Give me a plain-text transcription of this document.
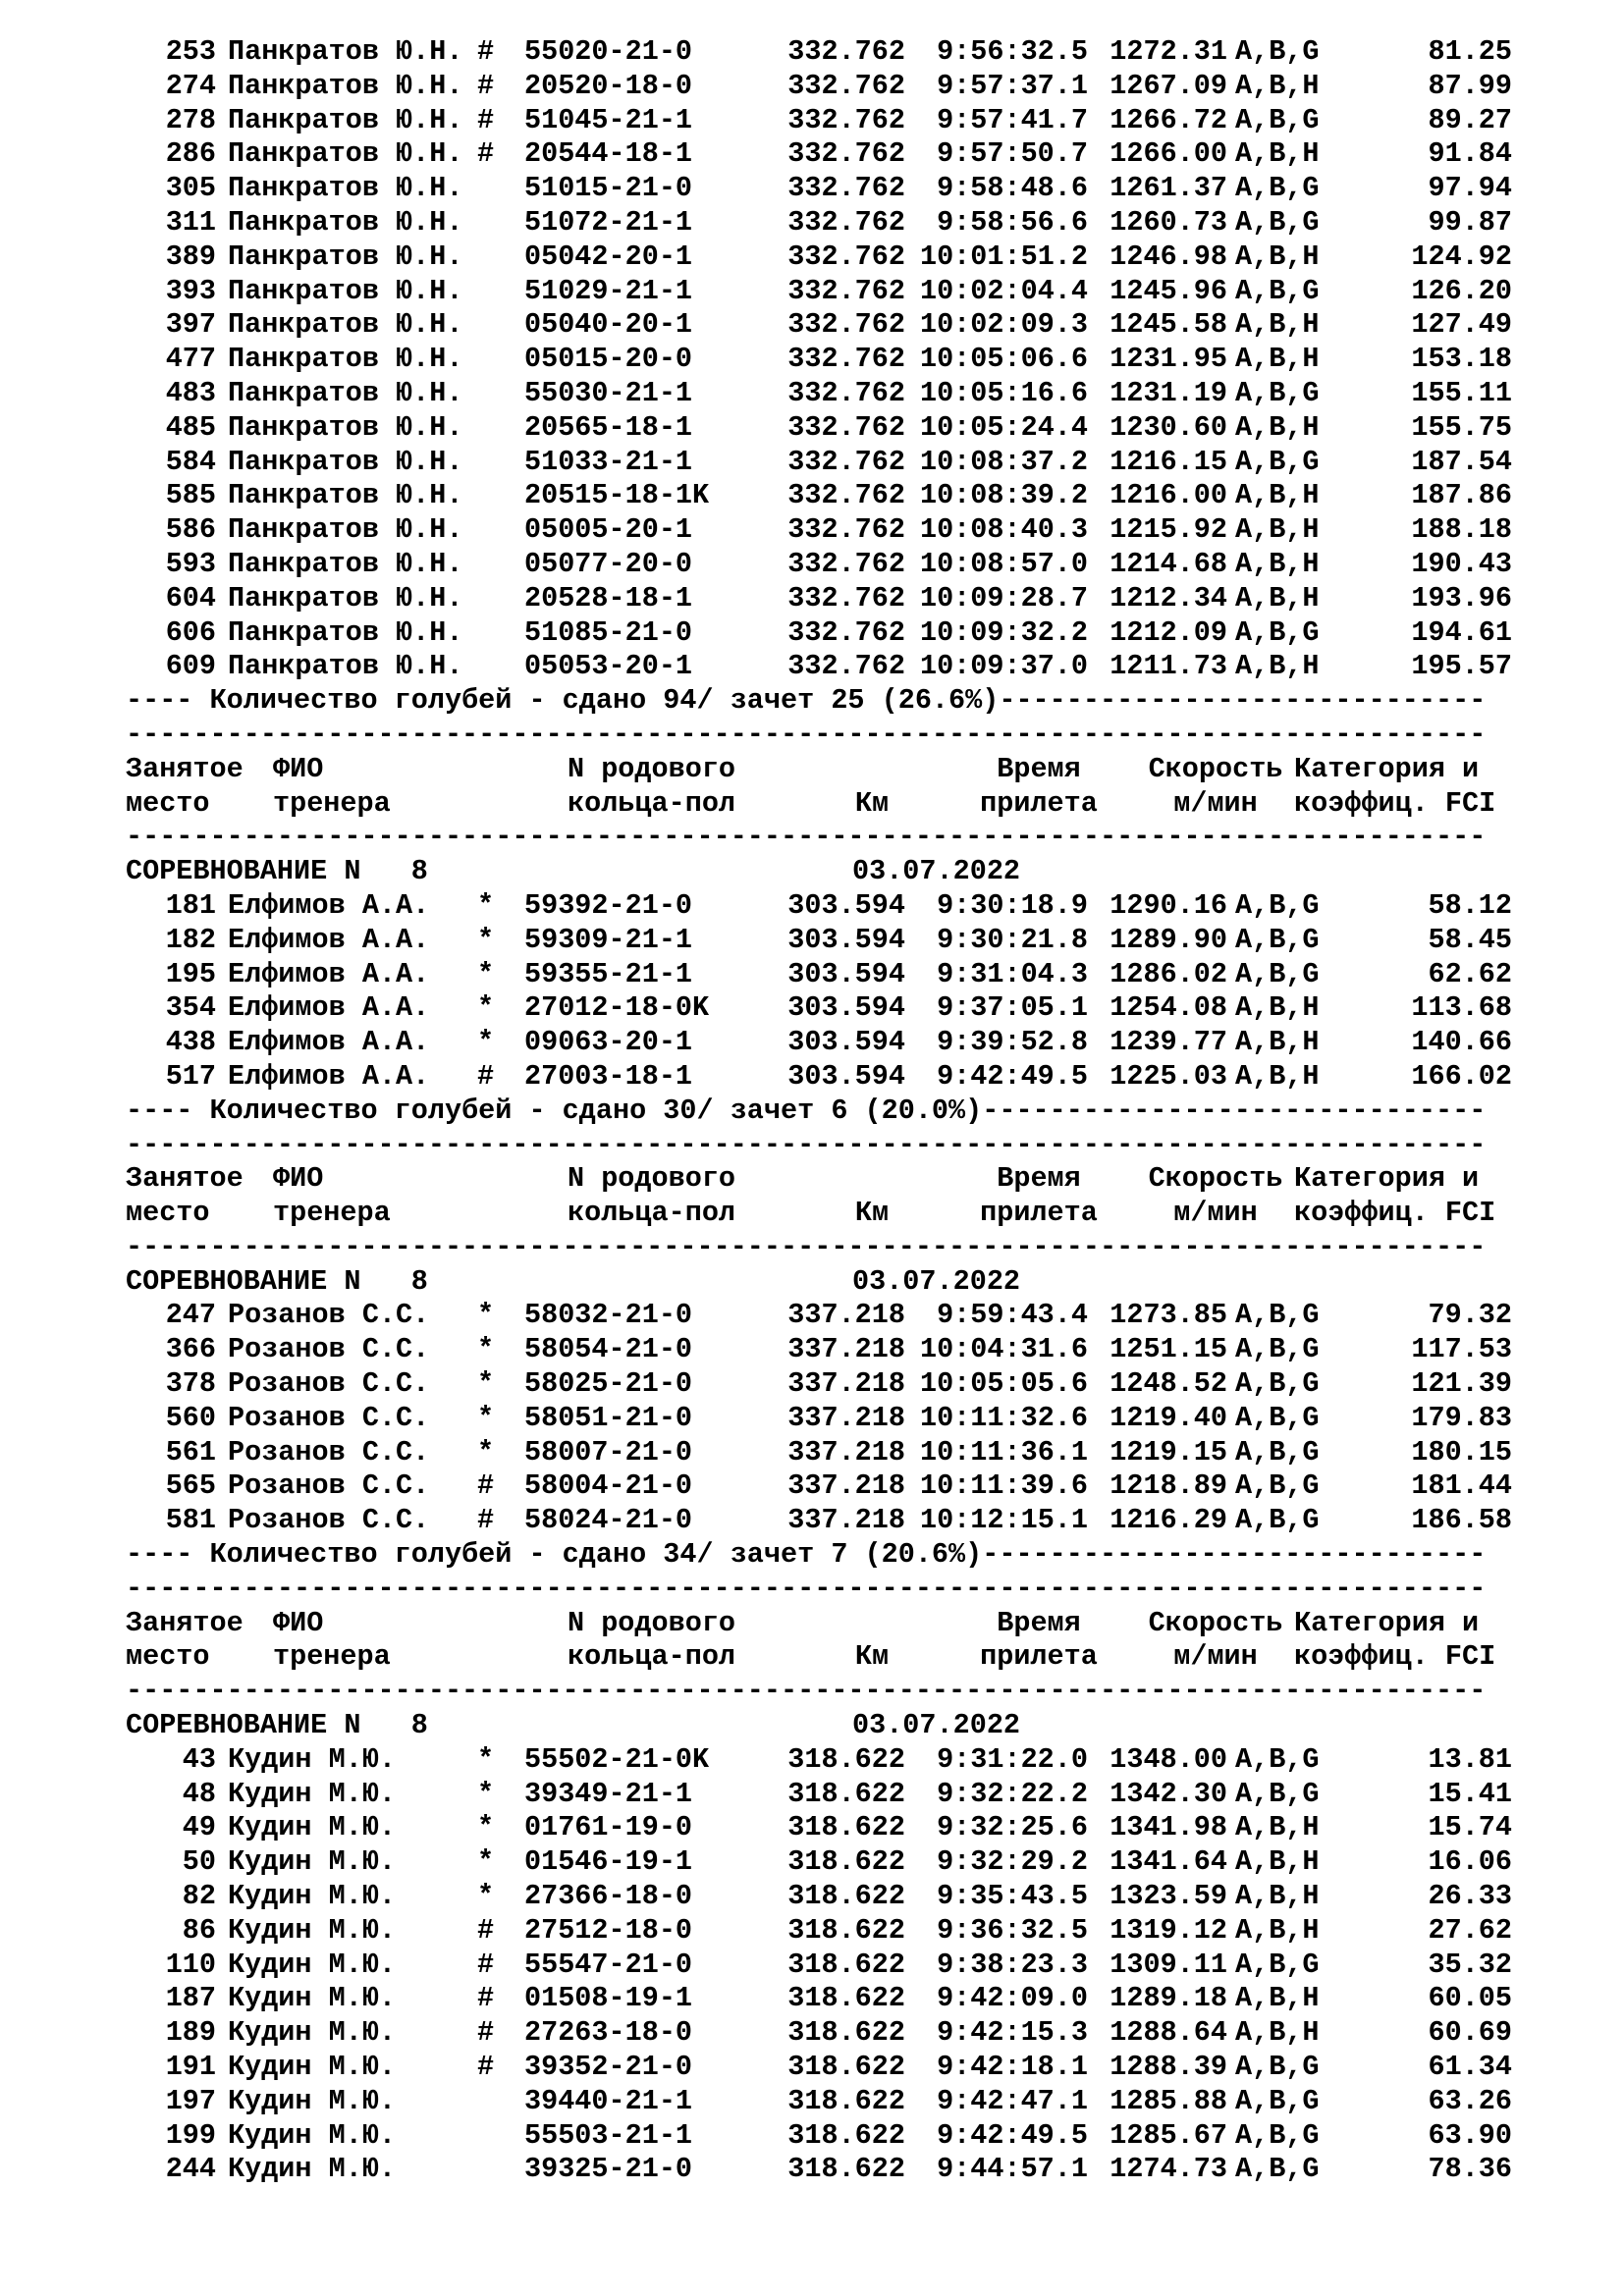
253 Панкратов Ю.Н. # 55020-21-0	332.762 9:56:32.5 1272.31 A,B,G	81.25
274 Панкратов Ю.Н. # 20520-18-0	332.762 9:57:37.1 1267.09 A,B,H	87.99
278 Панкратов Ю.Н. # 51045-21-1	332.762 9:57:41.7 1266.72 A,B,G	89.27
286 Панкратов Ю.Н. # 20544-18-1	332.762 9:57:50.7 1266.00 A,B,H	91.84
305 Панкратов Ю.Н. 51015-21-0	332.762 9:58:48.6 1261.37 A,B,G	97.94
311 Панкратов Ю.Н. 51072-21-1	332.762 9:58:56.6 1260.73 A,B,G	99.87
389 Панкратов Ю.Н. 05042-20-1	332.762 10:01:51.2 1246.98 A,B,H	124.92
393 Панкратов Ю.Н. 51029-21-1	332.762 10:02:04.4 1245.96 A,B,G	126.20
397 Панкратов Ю.Н. 05040-20-1	332.762 10:02:09.3 1245.58 A,B,H	127.49
477 Панкратов Ю.Н. 05015-20-0	332.762 10:05:06.6 1231.95 A,B,H	153.18
483 Панкратов Ю.Н. 55030-21-1	332.762 10:05:16.6 1231.19 A,B,G	155.11
485 Панкратов Ю.Н. 20565-18-1	332.762 10:05:24.4 1230.60 A,B,H	155.75
584 Панкратов Ю.Н. 51033-21-1	332.762 10:08:37.2 1216.15 A,B,G	187.54
585 Панкратов Ю.Н. 20515-18-1K	332.762 10:08:39.2 1216.00 A,B,H	187.86
586 Панкратов Ю.Н. 05005-20-1	332.762 10:08:40.3 1215.92 A,B,H	188.18
593 Панкратов Ю.Н. 05077-20-0	332.762 10:08:57.0 1214.68 A,B,H	190.43
604 Панкратов Ю.Н. 20528-18-1	332.762 10:09:28.7 1212.34 A,B,H	193.96
606 Панкратов Ю.Н. 51085-21-0	332.762 10:09:32.2 1212.09 A,B,G	194.61
609 Панкратов Ю.Н. 05053-20-1	332.762 10:09:37.0 1211.73 A,B,H	195.57
---- Количество голубей - сдано 94/ зачет 25 (26.6%)-----------------------------
---------------------------------------------------------------------------------
Занятое ФИО	N родового	Время Скорость Категория и
место тренера	кольца-пол	Км	прилета	м/мин коэффиц. FCI
---------------------------------------------------------------------------------
СОРЕВНОВАНИЕ N   8	03.07.2022
181 Елфимов А.А. * 59392-21-0	303.594 9:30:18.9 1290.16 A,B,G	58.12
182 Елфимов А.А. * 59309-21-1	303.594 9:30:21.8 1289.90 A,B,G	58.45
195 Елфимов А.А. * 59355-21-1	303.594 9:31:04.3 1286.02 A,B,G	62.62
354 Елфимов А.А. * 27012-18-0K	303.594 9:37:05.1 1254.08 A,B,H	113.68
438 Елфимов А.А. * 09063-20-1	303.594 9:39:52.8 1239.77 A,B,H	140.66
517 Елфимов А.А. # 27003-18-1	303.594 9:42:49.5 1225.03 A,B,H	166.02
---- Количество голубей - сдано 30/ зачет 6 (20.0%)------------------------------
---------------------------------------------------------------------------------
Занятое ФИО	N родового	Время Скорость Категория и
место тренера	кольца-пол	Км	прилета	м/мин коэффиц. FCI
---------------------------------------------------------------------------------
СОРЕВНОВАНИЕ N   8	03.07.2022
247 Розанов С.С. * 58032-21-0	337.218 9:59:43.4 1273.85 A,B,G	79.32
366 Розанов С.С. * 58054-21-0	337.218 10:04:31.6 1251.15 A,B,G	117.53
378 Розанов С.С. * 58025-21-0	337.218 10:05:05.6 1248.52 A,B,G	121.39
560 Розанов С.С. * 58051-21-0	337.218 10:11:32.6 1219.40 A,B,G	179.83
561 Розанов С.С. * 58007-21-0	337.218 10:11:36.1 1219.15 A,B,G	180.15
565 Розанов С.С. # 58004-21-0	337.218 10:11:39.6 1218.89 A,B,G	181.44
581 Розанов С.С. # 58024-21-0	337.218 10:12:15.1 1216.29 A,B,G	186.58
---- Количество голубей - сдано 34/ зачет 7 (20.6%)------------------------------
---------------------------------------------------------------------------------
Занятое ФИО	N родового	Время Скорость Категория и
место тренера	кольца-пол	Км	прилета	м/мин коэффиц. FCI
---------------------------------------------------------------------------------
СОРЕВНОВАНИЕ N   8	03.07.2022
43 Кудин М.Ю.	* 55502-21-0K	318.622 9:31:22.0 1348.00 A,B,G	13.81
48 Кудин М.Ю.	* 39349-21-1	318.622 9:32:22.2 1342.30 A,B,G	15.41
49 Кудин М.Ю.	* 01761-19-0	318.622 9:32:25.6 1341.98 A,B,H	15.74
50 Кудин М.Ю.	* 01546-19-1	318.622 9:32:29.2 1341.64 A,B,H	16.06
82 Кудин М.Ю.	* 27366-18-0	318.622 9:35:43.5 1323.59 A,B,H	26.33
86 Кудин М.Ю.	# 27512-18-0	318.622 9:36:32.5 1319.12 A,B,H	27.62
110 Кудин М.Ю.	# 55547-21-0	318.622 9:38:23.3 1309.11 A,B,G	35.32
187 Кудин М.Ю.	# 01508-19-1	318.622 9:42:09.0 1289.18 A,B,H	60.05
189 Кудин М.Ю.	# 27263-18-0	318.622 9:42:15.3 1288.64 A,B,H	60.69
191 Кудин М.Ю.	# 39352-21-0	318.622 9:42:18.1 1288.39 A,B,G	61.34
197 Кудин М.Ю.	39440-21-1	318.622 9:42:47.1 1285.88 A,B,G	63.26
199 Кудин М.Ю.	55503-21-1	318.622 9:42:49.5 1285.67 A,B,G	63.90
244 Кудин М.Ю.	39325-21-0	318.622 9:44:57.1 1274.73 A,B,G	78.36
